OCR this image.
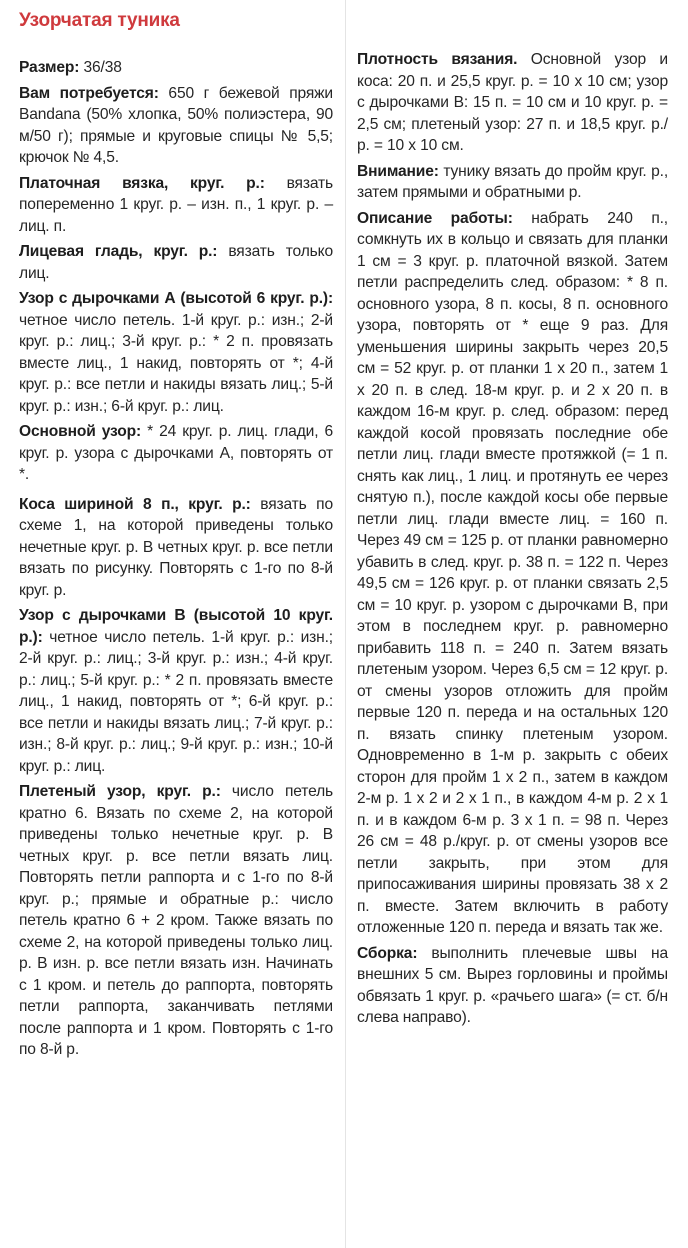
Узорчатая туника

Размер: 36/38

Вам потребуется: 650 г бежевой пряжи Bandana (50% хлопка, 50% полиэстера, 90 м/50 г); прямые и круговые спицы № 5,5; крючок № 4,5.

Платочная вязка, круг. р.: вязать попеременно 1 круг. р. – изн. п., 1 круг. р. – лиц. п.

Лицевая гладь, круг. р.: вязать только лиц.

Узор с дырочками А (высотой 6 круг. р.): четное число петель. 1-й круг. р.: изн.; 2-й круг. р.: лиц.; 3-й круг. р.: * 2 п. провязать вместе лиц., 1 накид, повторять от *; 4-й круг. р.: все петли и накиды вязать лиц.; 5-й круг. р.: изн.; 6-й круг. р.: лиц.

Основной узор: * 24 круг. р. лиц. глади, 6 круг. р. узора с дырочками А, повторять от *.

Коса шириной 8 п., круг. р.: вязать по схеме 1, на которой приведены только нечетные круг. р. В четных круг. р. все петли вязать по рисунку. Повторять с 1-го по 8-й круг. р.

Узор с дырочками В (высотой 10 круг. р.): четное число петель. 1-й круг. р.: изн.; 2-й круг. р.: лиц.; 3-й круг. р.: изн.; 4-й круг. р.: лиц.; 5-й круг. р.: * 2 п. провязать вместе лиц., 1 накид, повторять от *; 6-й круг. р.: все петли и накиды вязать лиц.; 7-й круг. р.: изн.; 8-й круг. р.: лиц.; 9-й круг. р.: изн.; 10-й круг. р.: лиц.

Плетеный узор, круг. р.: число петель кратно 6. Вязать по схеме 2, на которой приведены только нечетные круг. р. В четных круг. р. все петли вязать лиц. Повторять петли раппорта и с 1-го по 8-й круг. р.; прямые и обратные р.: число петель кратно 6 + 2 кром. Также вязать по схеме 2, на которой приведены только лиц. р. В изн. р. все петли вязать изн. Начинать с 1 кром. и петель до раппорта, повторять петли раппорта, заканчивать петлями после раппорта и 1 кром. Повторять с 1-го по 8-й р.

Плотность вязания. Основной узор и коса: 20 п. и 25,5 круг. р. = 10 х 10 см; узор с дырочками В: 15 п. = 10 см и 10 круг. р. = 2,5 см; плетеный узор: 27 п. и 18,5 круг. р./р. = 10 х 10 см.

Внимание: тунику вязать до пройм круг. р., затем прямыми и обратными р.

Описание работы: набрать 240 п., сомкнуть их в кольцо и связать для планки 1 см = 3 круг. р. платочной вязкой. Затем петли распределить след. образом: * 8 п. основного узора, 8 п. косы, 8 п. основного узора, повторять от * еще 9 раз. Для уменьшения ширины закрыть через 20,5 см = 52 круг. р. от планки 1 х 20 п., затем 1 х 20 п. в след. 18-м круг. р. и 2 х 20 п. в каждом 16-м круг. р. след. образом: перед каждой косой провязать последние обе петли лиц. глади вместе протяжкой (= 1 п. снять как лиц., 1 лиц. и протянуть ее через снятую п.), после каждой косы обе первые петли лиц. глади вместе лиц. = 160 п. Через 49 см = 125 р. от планки равномерно убавить в след. круг. р. 38 п. = 122 п. Через 49,5 см = 126 круг. р. от планки связать 2,5 см = 10 круг. р. узором с дырочками В, при этом в последнем круг. р. равномерно прибавить 118 п. = 240 п. Затем вязать плетеным узором. Через 6,5 см = 12 круг. р. от смены узоров отложить для пройм первые 120 п. переда и на остальных 120 п. вязать спинку плетеным узором. Одновременно в 1-м р. закрыть с обеих сторон для пройм 1 х 2 п., затем в каждом 2-м р. 1 х 2 и 2 х 1 п., в каждом 4-м р. 2 х 1 п. и в каждом 6-м р. 3 х 1 п. = 98 п. Через 26 см = 48 р./круг. р. от смены узоров все петли закрыть, при этом для припосаживания ширины провязать 38 х 2 п. вместе. Затем включить в работу отложенные 120 п. переда и вязать так же.

Сборка: выполнить плечевые швы на внешних 5 см. Вырез горловины и проймы обвязать 1 круг. р. «рачьего шага» (= ст. б/н слева направо).
